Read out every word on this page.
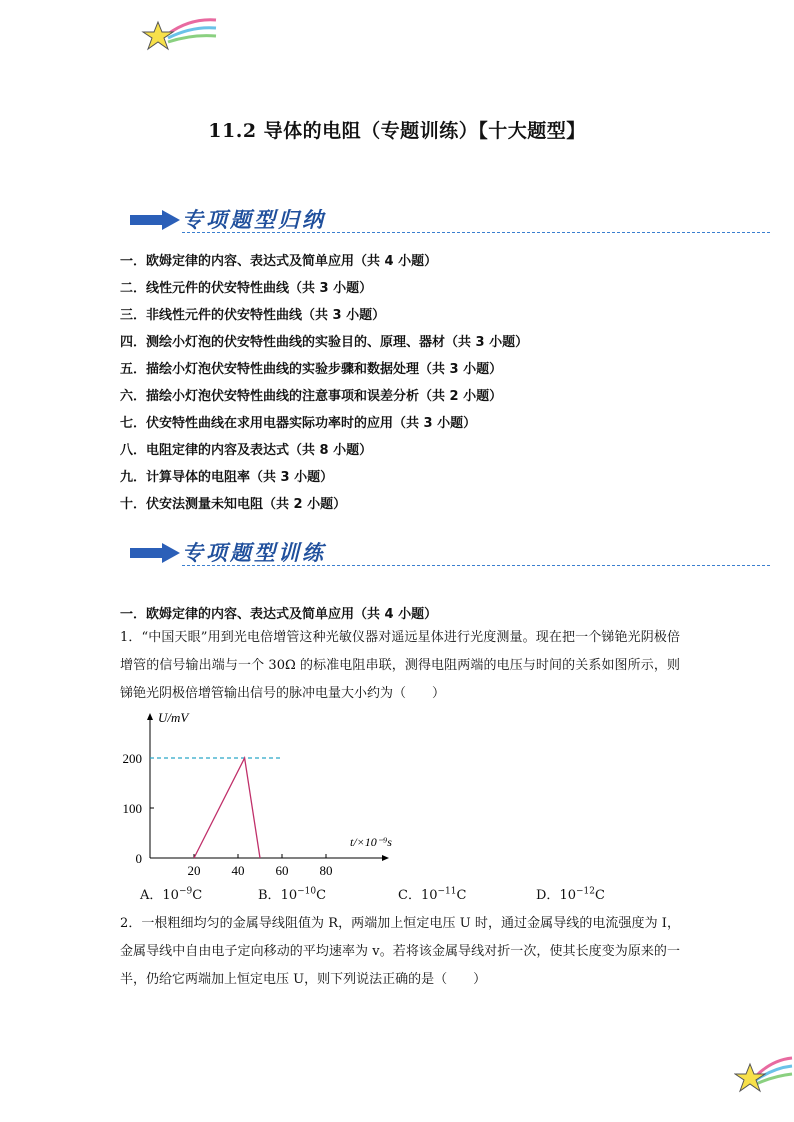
11.2 导体的电阻（专题训练）【十大题型】
专项题型归纳
一．欧姆定律的内容、表达式及简单应用（共 4 小题）
二．线性元件的伏安特性曲线（共 3 小题）
三．非线性元件的伏安特性曲线（共 3 小题）
四．测绘小灯泡的伏安特性曲线的实验目的、原理、器材（共 3 小题）
五．描绘小灯泡伏安特性曲线的实验步骤和数据处理（共 3 小题）
六．描绘小灯泡伏安特性曲线的注意事项和误差分析（共 2 小题）
七．伏安特性曲线在求用电器实际功率时的应用（共 3 小题）
八．电阻定律的内容及表达式（共 8 小题）
九．计算导体的电阻率（共 3 小题）
十．伏安法测量未知电阻（共 2 小题）
专项题型训练
一．欧姆定律的内容、表达式及简单应用（共 4 小题）
1．“中国天眼”用到光电倍增管这种光敏仪器对遥远星体进行光度测量。现在把一个锑铯光阴极倍增管的信号输出端与一个 30Ω 的标准电阻串联，测得电阻两端的电压与时间的关系如图所示，则锑铯光阴极倍增管输出信号的脉冲电量大小约为（　　）
20 40 60 80
0
100
200
U/mV
t/×10⁻⁹s
A．$10^{-9}C$	B．$10^{-10}C$	C．$10^{-11}C$	D．$10^{-12}C$
2．一根粗细均匀的金属导线阻值为 R，两端加上恒定电压 U 时，通过金属导线的电流强度为 I，金属导线中自由电子定向移动的平均速率为 v。若将该金属导线对折一次，使其长度变为原来的一半，仍给它两端加上恒定电压 U，则下列说法正确的是（　　）
